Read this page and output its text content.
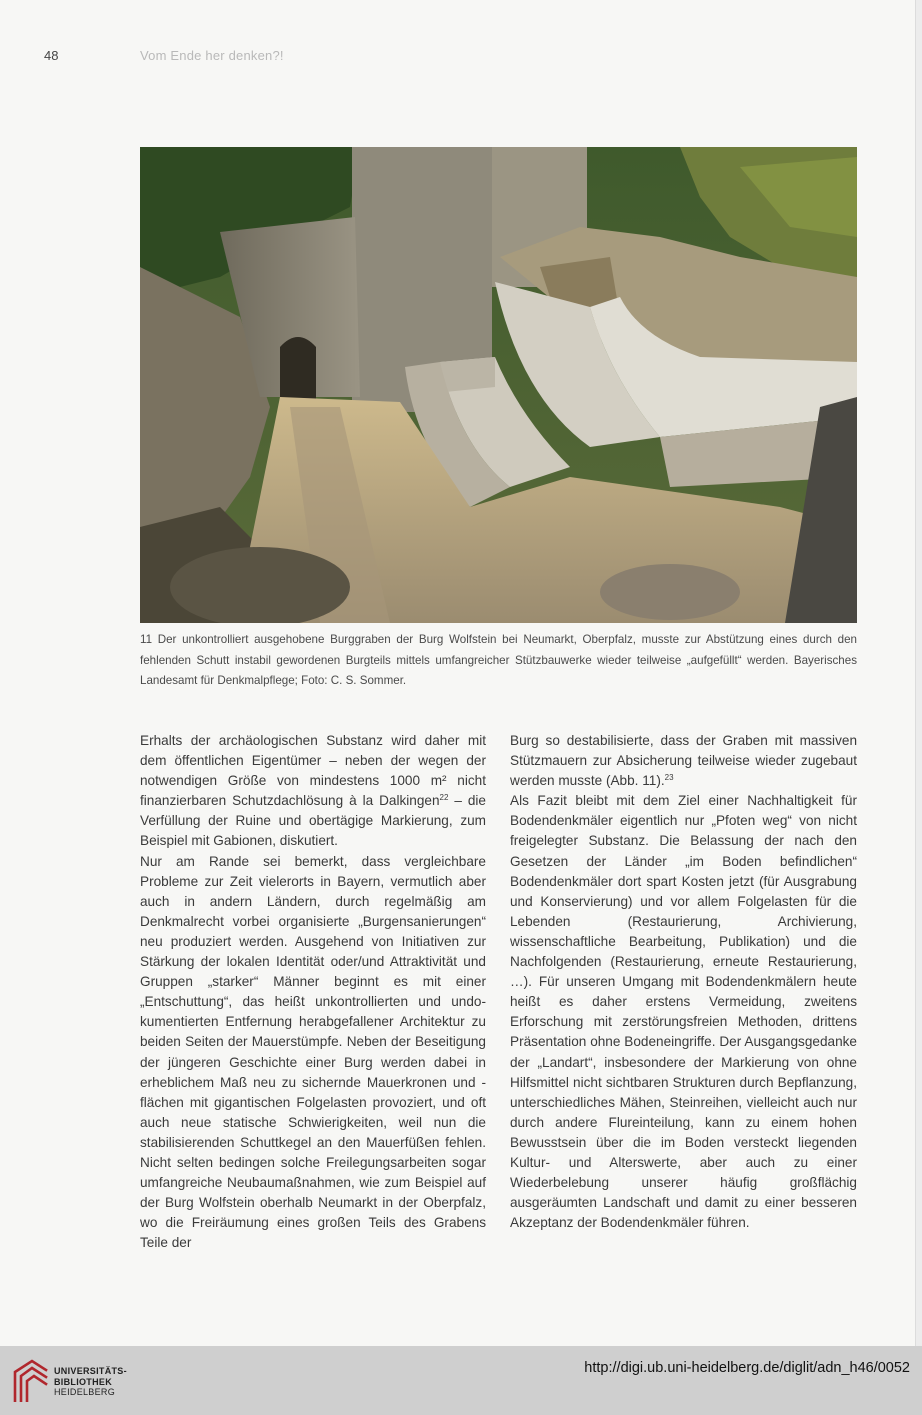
48	Vom Ende her denken?!

11 Der unkontrolliert ausgehobene Burggraben der Burg Wolfstein bei Neumarkt, Oberpfalz, musste zur Abstützung eines durch den fehlenden Schutt instabil gewordenen Burgteils mittels umfangreicher Stützbauwerke wieder teilweise „aufgefüllt“ werden. Bayerisches Landesamt für Denkmalpflege; Foto: C. S. Sommer.

Erhalts der archäologischen Substanz wird daher mit dem öffentlichen Eigentümer – neben der wegen der notwendigen Größe von mindestens 1000 m² nicht finanzierbaren Schutzdachlösung à la Dalkingen$^{22}$ – die Verfüllung der Ruine und obertägige Markierung, zum Beispiel mit Gabionen, diskutiert.

Nur am Rande sei bemerkt, dass vergleichbare Probleme zur Zeit vielerorts in Bayern, vermutlich aber auch in andern Ländern, durch regelmäßig am Denkmalrecht vorbei organisierte „Burgensanierungen“ neu produziert werden. Ausgehend von Initiativen zur Stärkung der lokalen Identität oder/und Attraktivität und Gruppen „starker“ Männer beginnt es mit einer „Entschuttung“, das heißt unkontrollierten und undokumentierten Entfernung herabgefallener Architektur zu beiden Seiten der Mauerstümpfe. Neben der Beseitigung der jüngeren Geschichte einer Burg werden dabei in erheblichem Maß neu zu sichernde Mauerkronen und -flächen mit gigantischen Folgelasten provoziert, und oft auch neue statische Schwierigkeiten, weil nun die stabilisierenden Schuttkegel an den Mauerfüßen fehlen. Nicht selten bedingen solche Freilegungsarbeiten sogar umfangreiche Neubaumaßnahmen, wie zum Beispiel auf der Burg Wolfstein oberhalb Neumarkt in der Oberpfalz, wo die Freiräumung eines großen Teils des Grabens Teile der

Burg so destabilisierte, dass der Graben mit massiven Stützmauern zur Absicherung teilweise wieder zugebaut werden musste (Abb. 11).$^{23}$

Als Fazit bleibt mit dem Ziel einer Nachhaltigkeit für Bodendenkmäler eigentlich nur „Pfoten weg“ von nicht freigelegter Substanz. Die Belassung der nach den Gesetzen der Länder „im Boden befindlichen“ Bodendenkmäler dort spart Kosten jetzt (für Ausgrabung und Konservierung) und vor allem Folgelasten für die Lebenden (Restaurierung, Archivierung, wissenschaftliche Bearbeitung, Publikation) und die Nachfolgenden (Restaurierung, erneute Restaurierung, …). Für unseren Umgang mit Bodendenkmälern heute heißt es daher erstens Vermeidung, zweitens Erforschung mit zerstörungsfreien Methoden, drittens Präsentation ohne Bodeneingriffe. Der Ausgangsgedanke der „Landart“, insbesondere der Markierung von ohne Hilfsmittel nicht sichtbaren Strukturen durch Bepflanzung, unterschiedliches Mähen, Steinreihen, vielleicht auch nur durch andere Flureinteilung, kann zu einem hohen Bewusstsein über die im Boden versteckt liegenden Kultur- und Alterswerte, aber auch zu einer Wiederbelebung unserer häufig großflächig ausgeräumten Landschaft und damit zu einer besseren Akzeptanz der Bodendenkmäler führen.

UNIVERSITÄTS-
BIBLIOTHEK
HEIDELBERG
http://digi.ub.uni-heidelberg.de/diglit/adn_h46/0052
